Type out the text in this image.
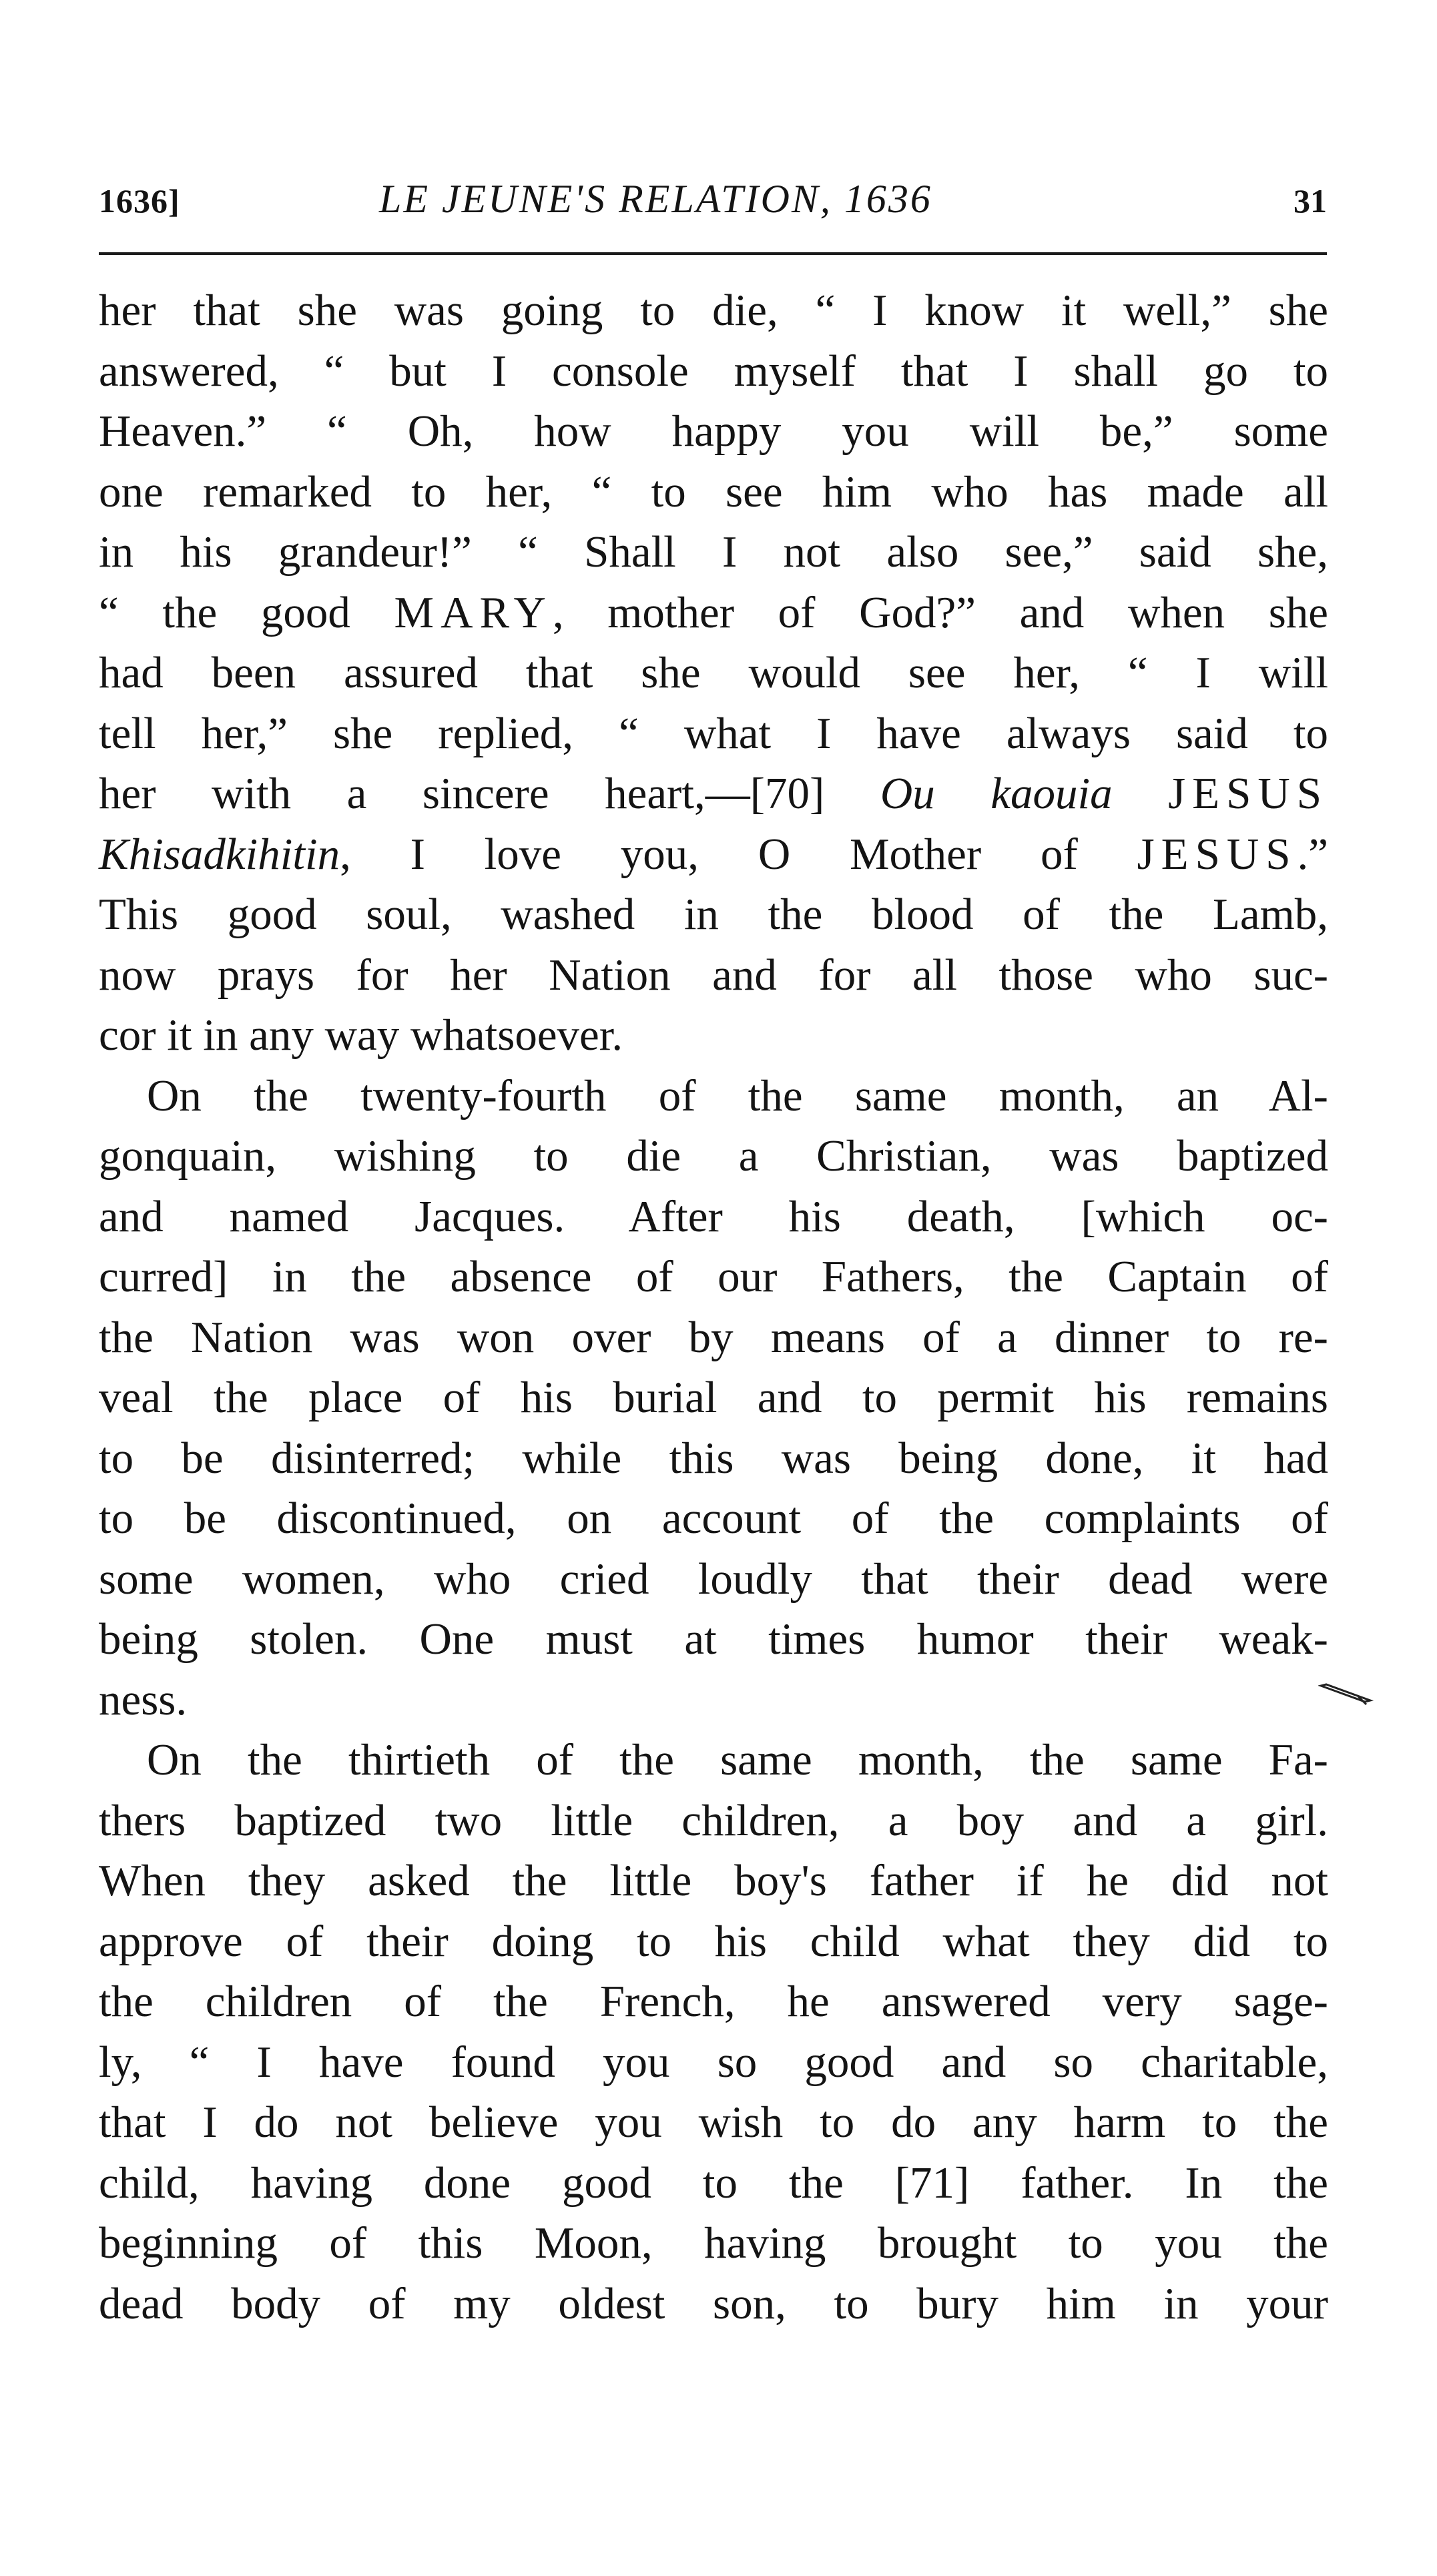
1636]	LE JEUNE'S RELATION, 1636	31
her that she was going to die, “ I know it well,” she
answered, “ but I console myself that I shall go to
Heaven.” “ Oh, how happy you will be,” some
one remarked to her, “ to see him who has made all
in his grandeur!” “ Shall I not also see,” said she,
“ the good MARY, mother of God?” and when she
had been assured that she would see her, “ I will
tell her,” she replied, “ what I have always said to
her with a sincere heart,—[70] Ou kaouia JESUS
Khisadkihitin, I love you, O Mother of JESUS.”
This good soul, washed in the blood of the Lamb,
now prays for her Nation and for all those who suc-
cor it in any way whatsoever.
On the twenty-fourth of the same month, an Al-
gonquain, wishing to die a Christian, was baptized
and named Jacques. After his death, [which oc-
curred] in the absence of our Fathers, the Captain of
the Nation was won over by means of a dinner to re-
veal the place of his burial and to permit his remains
to be disinterred; while this was being done, it had
to be discontinued, on account of the complaints of
some women, who cried loudly that their dead were
being stolen. One must at times humor their weak-
ness.
On the thirtieth of the same month, the same Fa-
thers baptized two little children, a boy and a girl.
When they asked the little boy's father if he did not
approve of their doing to his child what they did to
the children of the French, he answered very sage-
ly, “ I have found you so good and so charitable,
that I do not believe you wish to do any harm to the
child, having done good to the [71] father. In the
beginning of this Moon, having brought to you the
dead body of my oldest son, to bury him in your
